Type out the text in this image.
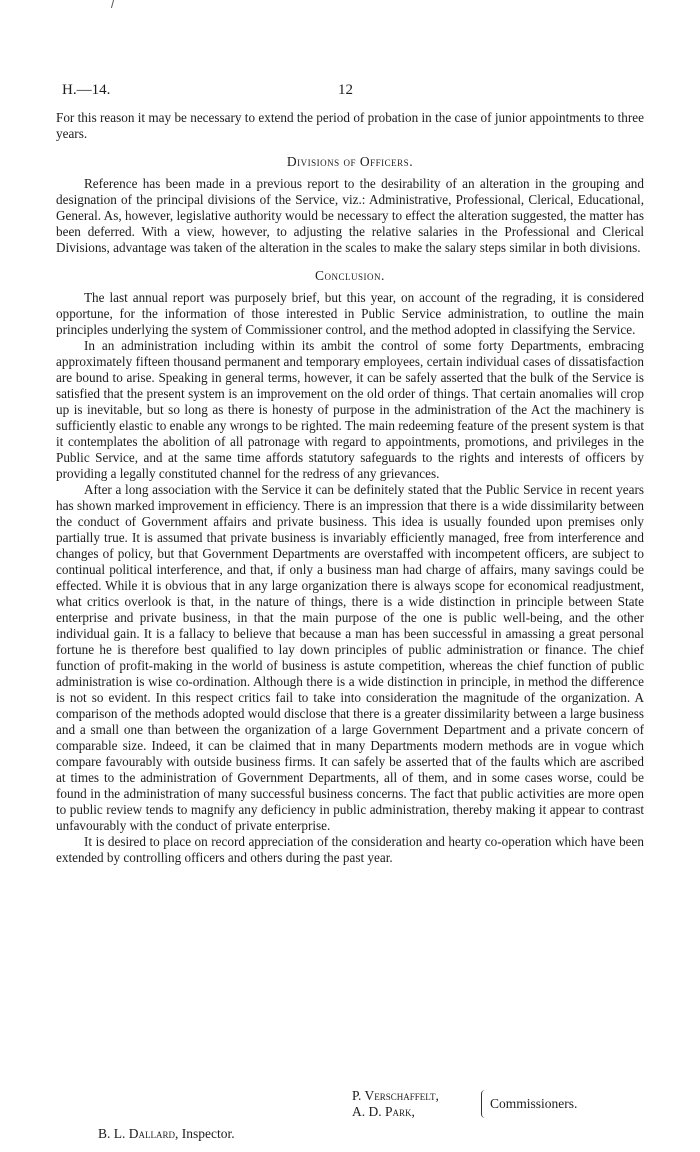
H.—14.	12

For this reason it may be necessary to extend the period of probation in the case of junior appointments to three years.

Divisions of Officers.

Reference has been made in a previous report to the desirability of an alteration in the grouping and designation of the principal divisions of the Service, viz.: Administrative, Professional, Clerical, Educational, General. As, however, legislative authority would be necessary to effect the alteration suggested, the matter has been deferred. With a view, however, to adjusting the relative salaries in the Professional and Clerical Divisions, advantage was taken of the alteration in the scales to make the salary steps similar in both divisions.

Conclusion.

The last annual report was purposely brief, but this year, on account of the regrading, it is considered opportune, for the information of those interested in Public Service administration, to outline the main principles underlying the system of Commissioner control, and the method adopted in classifying the Service.

In an administration including within its ambit the control of some forty Departments, embracing approximately fifteen thousand permanent and temporary employees, certain individual cases of dissatisfaction are bound to arise. Speaking in general terms, however, it can be safely asserted that the bulk of the Service is satisfied that the present system is an improvement on the old order of things. That certain anomalies will crop up is inevitable, but so long as there is honesty of purpose in the administration of the Act the machinery is sufficiently elastic to enable any wrongs to be righted. The main redeeming feature of the present system is that it contemplates the abolition of all patronage with regard to appointments, promotions, and privileges in the Public Service, and at the same time affords statutory safeguards to the rights and interests of officers by providing a legally constituted channel for the redress of any grievances.

After a long association with the Service it can be definitely stated that the Public Service in recent years has shown marked improvement in efficiency. There is an impression that there is a wide dissimilarity between the conduct of Government affairs and private business. This idea is usually founded upon premises only partially true. It is assumed that private business is invariably efficiently managed, free from interference and changes of policy, but that Government Departments are overstaffed with incompetent officers, are subject to continual political interference, and that, if only a business man had charge of affairs, many savings could be effected. While it is obvious that in any large organization there is always scope for economical readjustment, what critics overlook is that, in the nature of things, there is a wide distinction in principle between State enterprise and private business, in that the main purpose of the one is public well-being, and the other individual gain. It is a fallacy to believe that because a man has been successful in amassing a great personal fortune he is therefore best qualified to lay down principles of public administration or finance. The chief function of profit-making in the world of business is astute competition, whereas the chief function of public administration is wise co-ordination. Although there is a wide distinction in principle, in method the difference is not so evident. In this respect critics fail to take into consideration the magnitude of the organization. A comparison of the methods adopted would disclose that there is a greater dissimilarity between a large business and a small one than between the organization of a large Government Department and a private concern of comparable size. Indeed, it can be claimed that in many Departments modern methods are in vogue which compare favourably with outside business firms. It can safely be asserted that of the faults which are ascribed at times to the administration of Government Departments, all of them, and in some cases worse, could be found in the administration of many successful business concerns. The fact that public activities are more open to public review tends to magnify any deficiency in public administration, thereby making it appear to contrast unfavourably with the conduct of private enterprise.

It is desired to place on record appreciation of the consideration and hearty co-operation which have been extended by controlling officers and others during the past year.

P. Verschaffelt,
A. D. Park,
Commissioners.
B. L. Dallard, Inspector.
